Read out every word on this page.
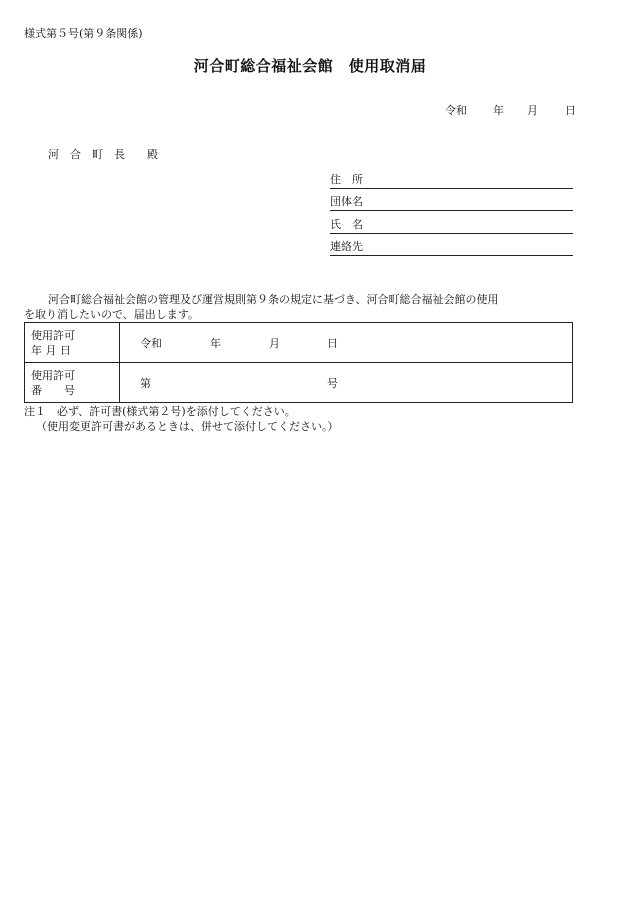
様式第５号(第９条関係)
河合町総合福祉会館　使用取消届
令和 年 月 日
河　合　町　長　　殿
住　所
団体名
氏　名
連絡先
河合町総合福祉会館の管理及び運営規則第９条の規定に基づき、河合町総合福祉会館の使用
を取り消したいので、届出します。
使用許可
年 月 日	令和 年 月 日

使用許可
番　　号	第 号
注１　必ず、許可書(様式第２号)を添付してください。
（使用変更許可書があるときは、併せて添付してください。）
